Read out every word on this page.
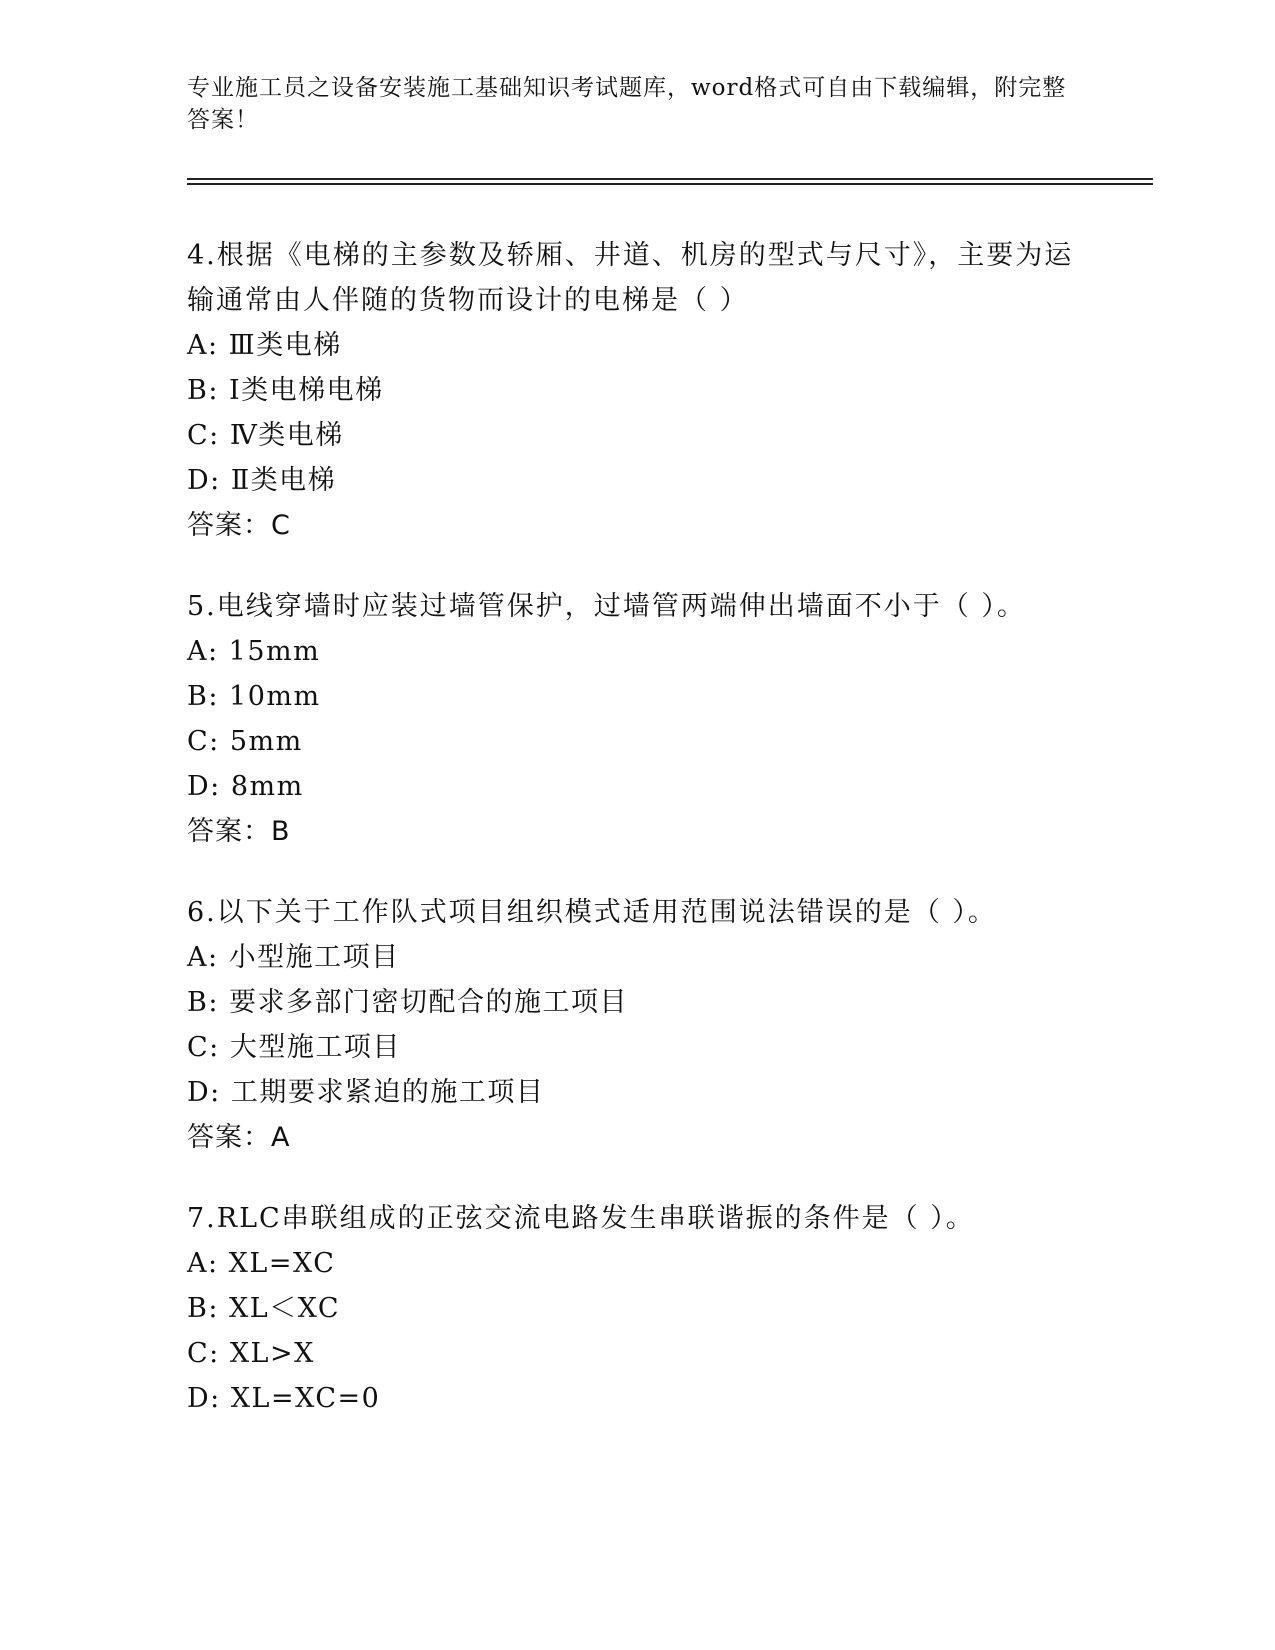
专业施工员之设备安装施工基础知识考试题库，word格式可自由下载编辑，附完整答案！
4.根据《电梯的主参数及轿厢、井道、机房的型式与尺寸》，主要为运输通常由人伴随的货物而设计的电梯是（ ）
A: Ⅲ类电梯
B: Ⅰ类电梯电梯
C: Ⅳ类电梯
D: Ⅱ类电梯
答案：C
5.电线穿墙时应装过墙管保护，过墙管两端伸出墙面不小于（ ）。
A: 15mm
B: 10mm
C: 5mm
D: 8mm
答案：B
6.以下关于工作队式项目组织模式适用范围说法错误的是（ ）。
A: 小型施工项目
B: 要求多部门密切配合的施工项目
C: 大型施工项目
D: 工期要求紧迫的施工项目
答案：A
7.RLC串联组成的正弦交流电路发生串联谐振的条件是（ ）。
A: XL=XC
B: XL＜XC
C: XL>X
D: XL=XC=0
